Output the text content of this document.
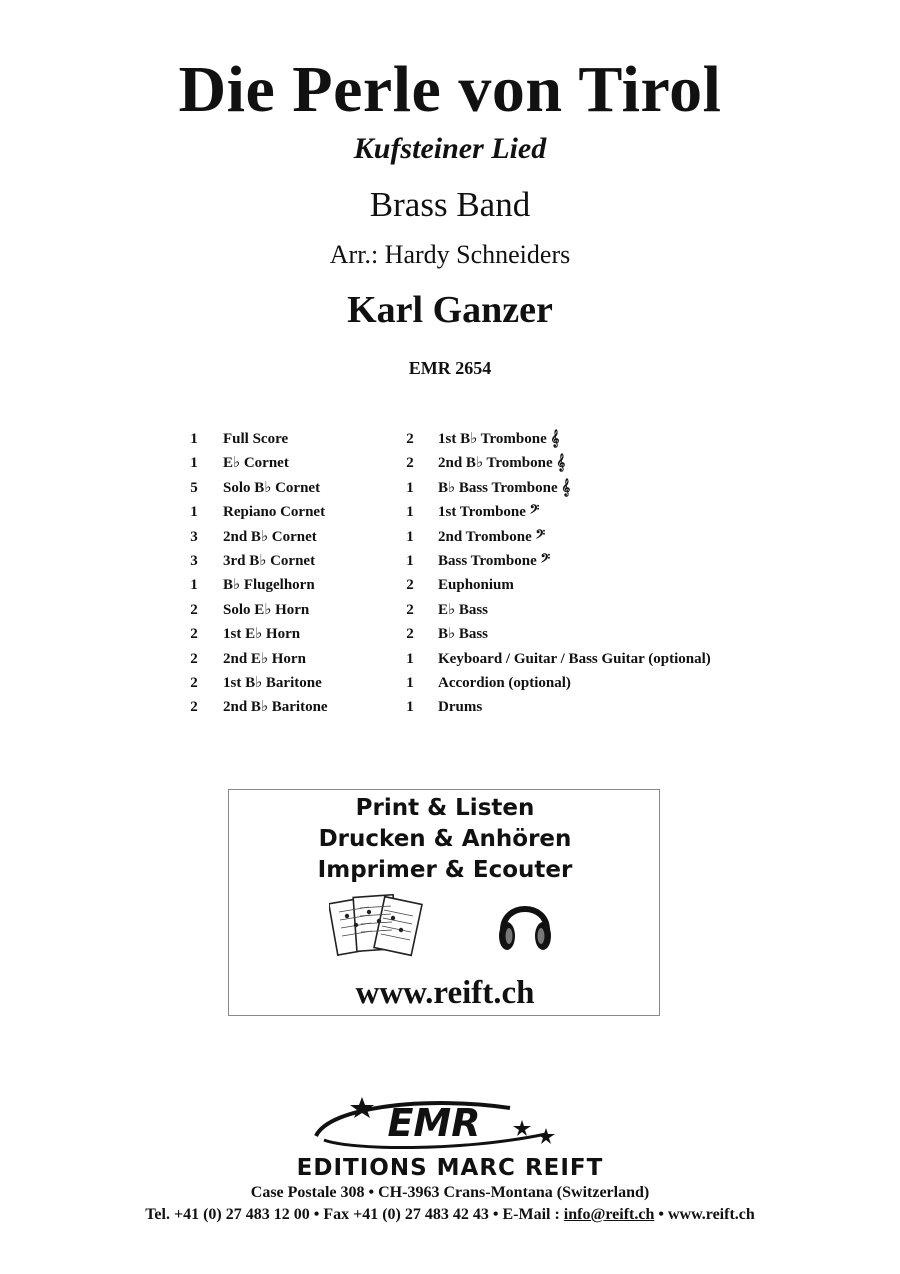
Die Perle von Tirol
Kufsteiner Lied
Brass Band
Arr.: Hardy Schneiders
Karl Ganzer
EMR 2654
1 Full Score
1 E♭ Cornet
5 Solo B♭ Cornet
1 Repiano Cornet
3 2nd B♭ Cornet
3 3rd B♭ Cornet
1 B♭ Flugelhorn
2 Solo E♭ Horn
2 1st E♭ Horn
2 2nd E♭ Horn
2 1st B♭ Baritone
2 2nd B♭ Baritone
2 1st B♭ Trombone 𝄞
2 2nd B♭ Trombone 𝄞
1 B♭ Bass Trombone 𝄞
1 1st Trombone 𝄢
1 2nd Trombone 𝄢
1 Bass Trombone 𝄢
2 Euphonium
2 E♭ Bass
2 B♭ Bass
1 Keyboard / Guitar / Bass Guitar (optional)
1 Accordion (optional)
1 Drums
Print & Listen
Drucken & Anhören
Imprimer & Ecouter
www.reift.ch
EMR
EDITIONS MARC REIFT
Case Postale 308 • CH-3963 Crans-Montana (Switzerland)
Tel. +41 (0) 27 483 12 00 • Fax +41 (0) 27 483 42 43 • E-Mail : info@reift.ch • www.reift.ch
